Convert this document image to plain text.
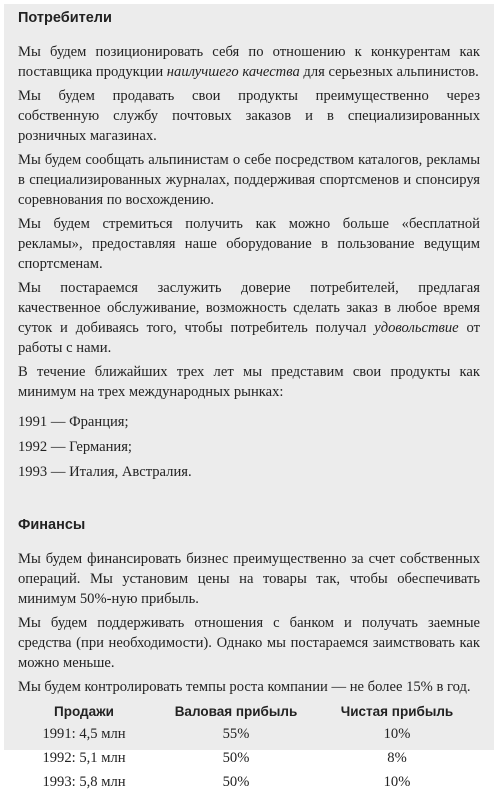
Потребители

Мы будем позиционировать себя по отношению к конкурентам как поставщика продукции наилучшего качества для серьезных альпинистов.

Мы будем продавать свои продукты преимущественно через собственную службу почтовых заказов и в специализированных розничных магазинах.

Мы будем сообщать альпинистам о себе посредством каталогов, рекламы в специализированных журналах, поддерживая спортсменов и спонсируя соревнования по восхождению.

Мы будем стремиться получить как можно больше «бесплатной рекламы», предоставляя наше оборудование в пользование ведущим спортсменам.

Мы постараемся заслужить доверие потребителей, предлагая качественное обслуживание, возможность сделать заказ в любое время суток и добиваясь того, чтобы потребитель получал удовольствие от работы с нами.

В течение ближайших трех лет мы представим свои продукты как минимум на трех международных рынках:

1991 — Франция;
1992 — Германия;
1993 — Италия, Австралия.
Финансы

Мы будем финансировать бизнес преимущественно за счет собственных операций. Мы установим цены на товары так, чтобы обеспечивать минимум 50%-ную прибыль.

Мы будем поддерживать отношения с банком и получать заемные средства (при необходимости). Однако мы постараемся заимствовать как можно меньше.

Мы будем контролировать темпы роста компании — не более 15% в год.

Продажи	Валовая прибыль	Чистая прибыль
1991: 4,5 млн	55%	10%
1992: 5,1 млн	50%	8%
1993: 5,8 млн	50%	10%
